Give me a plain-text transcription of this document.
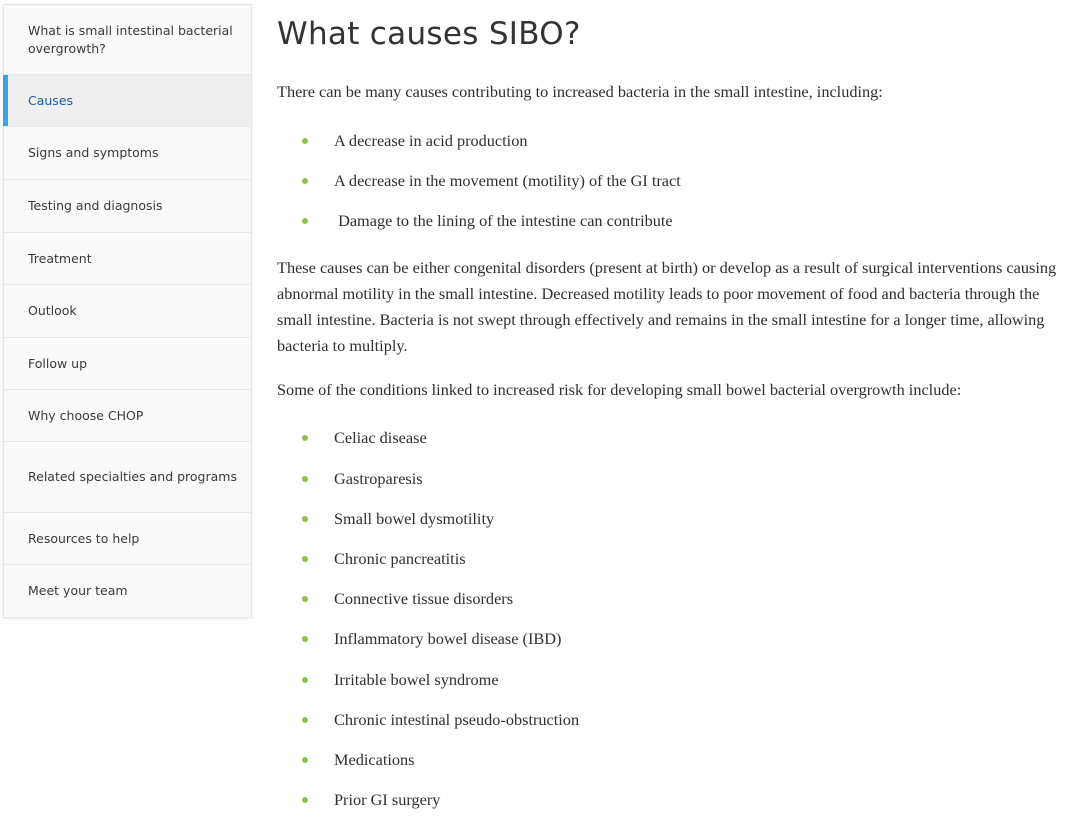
What is small intestinal bacterial overgrowth?
Causes
Signs and symptoms
Testing and diagnosis
Treatment
Outlook
Follow up
Why choose CHOP
Related specialties and programs
Resources to help
Meet your team
What causes SIBO?

There can be many causes contributing to increased bacteria in the small intestine, including:

A decrease in acid production
A decrease in the movement (motility) of the GI tract
Damage to the lining of the intestine can contribute

These causes can be either congenital disorders (present at birth) or develop as a result of surgical interventions causing abnormal motility in the small intestine. Decreased motility leads to poor movement of food and bacteria through the small intestine. Bacteria is not swept through effectively and remains in the small intestine for a longer time, allowing bacteria to multiply.

Some of the conditions linked to increased risk for developing small bowel bacterial overgrowth include:

Celiac disease
Gastroparesis
Small bowel dysmotility
Chronic pancreatitis
Connective tissue disorders
Inflammatory bowel disease (IBD)
Irritable bowel syndrome
Chronic intestinal pseudo-obstruction
Medications
Prior GI surgery
